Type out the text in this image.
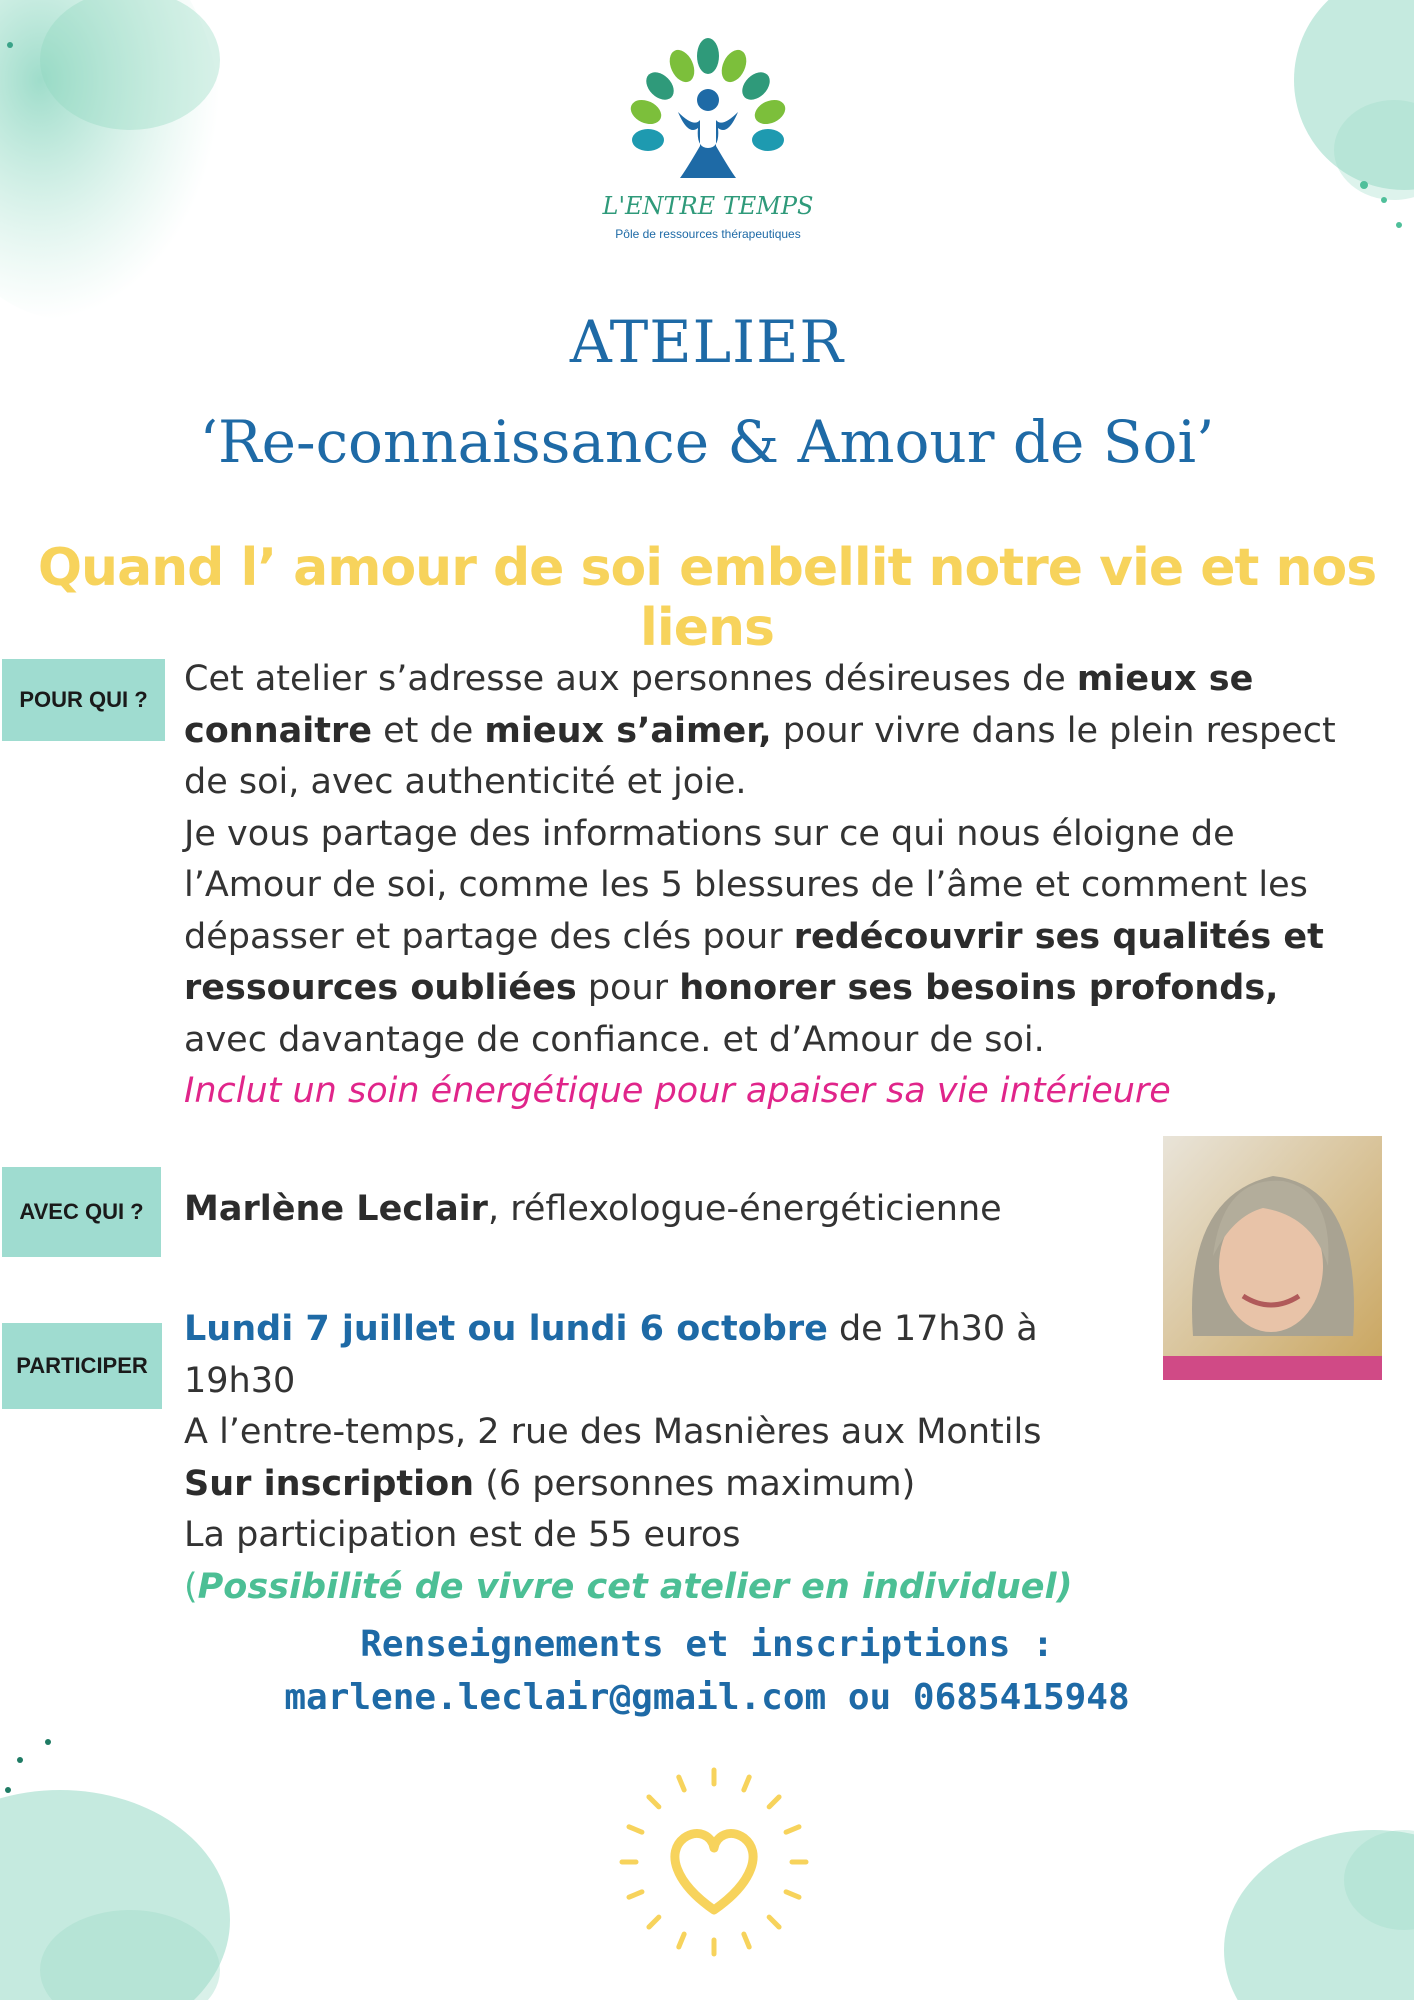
L'ENTRE TEMPS
Pôle de ressources thérapeutiques
ATELIER
‘Re-connaissance & Amour de Soi’
Quand l’ amour de soi embellit notre vie et nos liens
POUR QUI ?

Cet atelier s’adresse aux personnes désireuses de mieux se connaitre et de mieux s’aimer, pour vivre dans le plein respect de soi, avec authenticité et joie.
Je vous partage des informations sur ce qui nous éloigne de l’Amour de soi, comme les 5 blessures de l’âme et comment les dépasser et partage des clés pour redécouvrir ses qualités et ressources oubliées pour honorer ses besoins profonds, avec davantage de confiance. et d’Amour de soi.
Inclut un soin énergétique pour apaiser sa vie intérieure

AVEC QUI ?	Marlène Leclair, réflexologue-énergéticienne

PARTICIPER

Lundi 7 juillet ou lundi 6 octobre de 17h30 à 19h30
A l’entre-temps, 2 rue des Masnières aux Montils
Sur inscription (6 personnes maximum)
La participation est de 55 euros
(Possibilité de vivre cet atelier en individuel)

Renseignements et inscriptions :
marlene.leclair@gmail.com ou 0685415948
